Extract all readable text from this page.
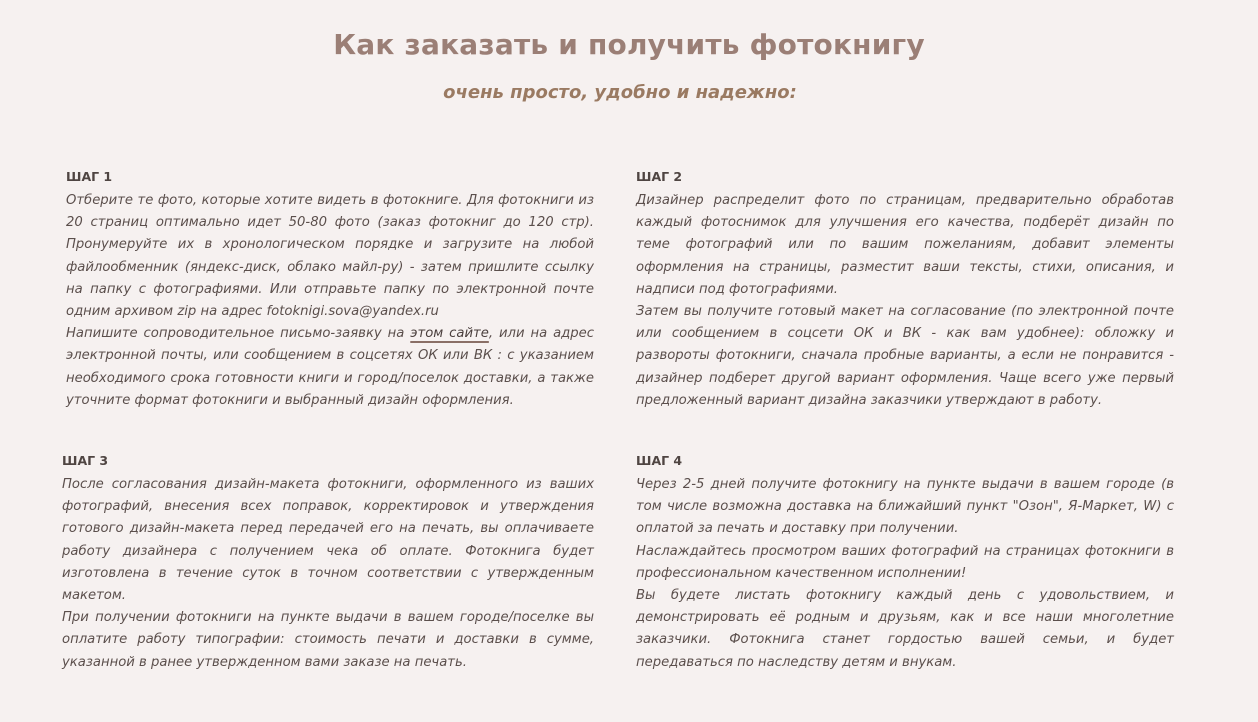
Как заказать и получить фотокнигу
очень просто, удобно и надежно:
ШАГ 1

Отберите те фото, которые хотите видеть в фотокниге. Для фотокниги из 20 страниц оптимально идет 50-80 фото (заказ фотокниг до 120 стр). Пронумеруйте их в хронологическом порядке и загрузите на любой файлообменник (яндекс-диск, облако майл-ру) - затем пришлите ссылку на папку с фотографиями. Или отправьте папку по электронной почте одним архивом zip на адрес fotoknigi.sova@yandex.ru

Напишите сопроводительное письмо-заявку на этом сайте, или на адрес электронной почты, или сообщением в соцсетях ОК или ВК : с указанием необходимого срока готовности книги и город/поселок доставки, а также уточните формат фотокниги и выбранный дизайн оформления.

ШАГ 2

Дизайнер распределит фото по страницам, предварительно обработав каждый фотоснимок для улучшения его качества, подберёт дизайн по теме фотографий или по вашим пожеланиям, добавит элементы оформления на страницы, разместит ваши тексты, стихи, описания, и надписи под фотографиями.

Затем вы получите готовый макет на согласование (по электронной почте или сообщением в соцсети ОК и ВК - как вам удобнее): обложку и развороты фотокниги, сначала пробные варианты, а если не понравится - дизайнер подберет другой вариант оформления. Чаще всего уже первый предложенный вариант дизайна заказчики утверждают в работу.

ШАГ 3

После согласования дизайн-макета фотокниги, оформленного из ваших фотографий, внесения всех поправок, корректировок и утверждения готового дизайн-макета перед передачей его на печать, вы оплачиваете работу дизайнера с получением чека об оплате. Фотокнига будет изготовлена в течение суток в точном соответствии с утвержденным макетом.

При получении фотокниги на пункте выдачи в вашем городе/поселке вы оплатите работу типографии: стоимость печати и доставки в сумме, указанной в ранее утвержденном вами заказе на печать.

ШАГ 4

Через 2-5 дней получите фотокнигу на пункте выдачи в вашем городе (в том числе возможна доставка на ближайший пункт "Озон", Я-Маркет, W) с оплатой за печать и доставку при получении.

Наслаждайтесь просмотром ваших фотографий на страницах фотокниги в профессиональном качественном исполнении!

Вы будете листать фотокнигу каждый день с удовольствием, и демонстрировать её родным и друзьям, как и все наши многолетние заказчики. Фотокнига станет гордостью вашей семьи, и будет передаваться по наследству детям и внукам.
